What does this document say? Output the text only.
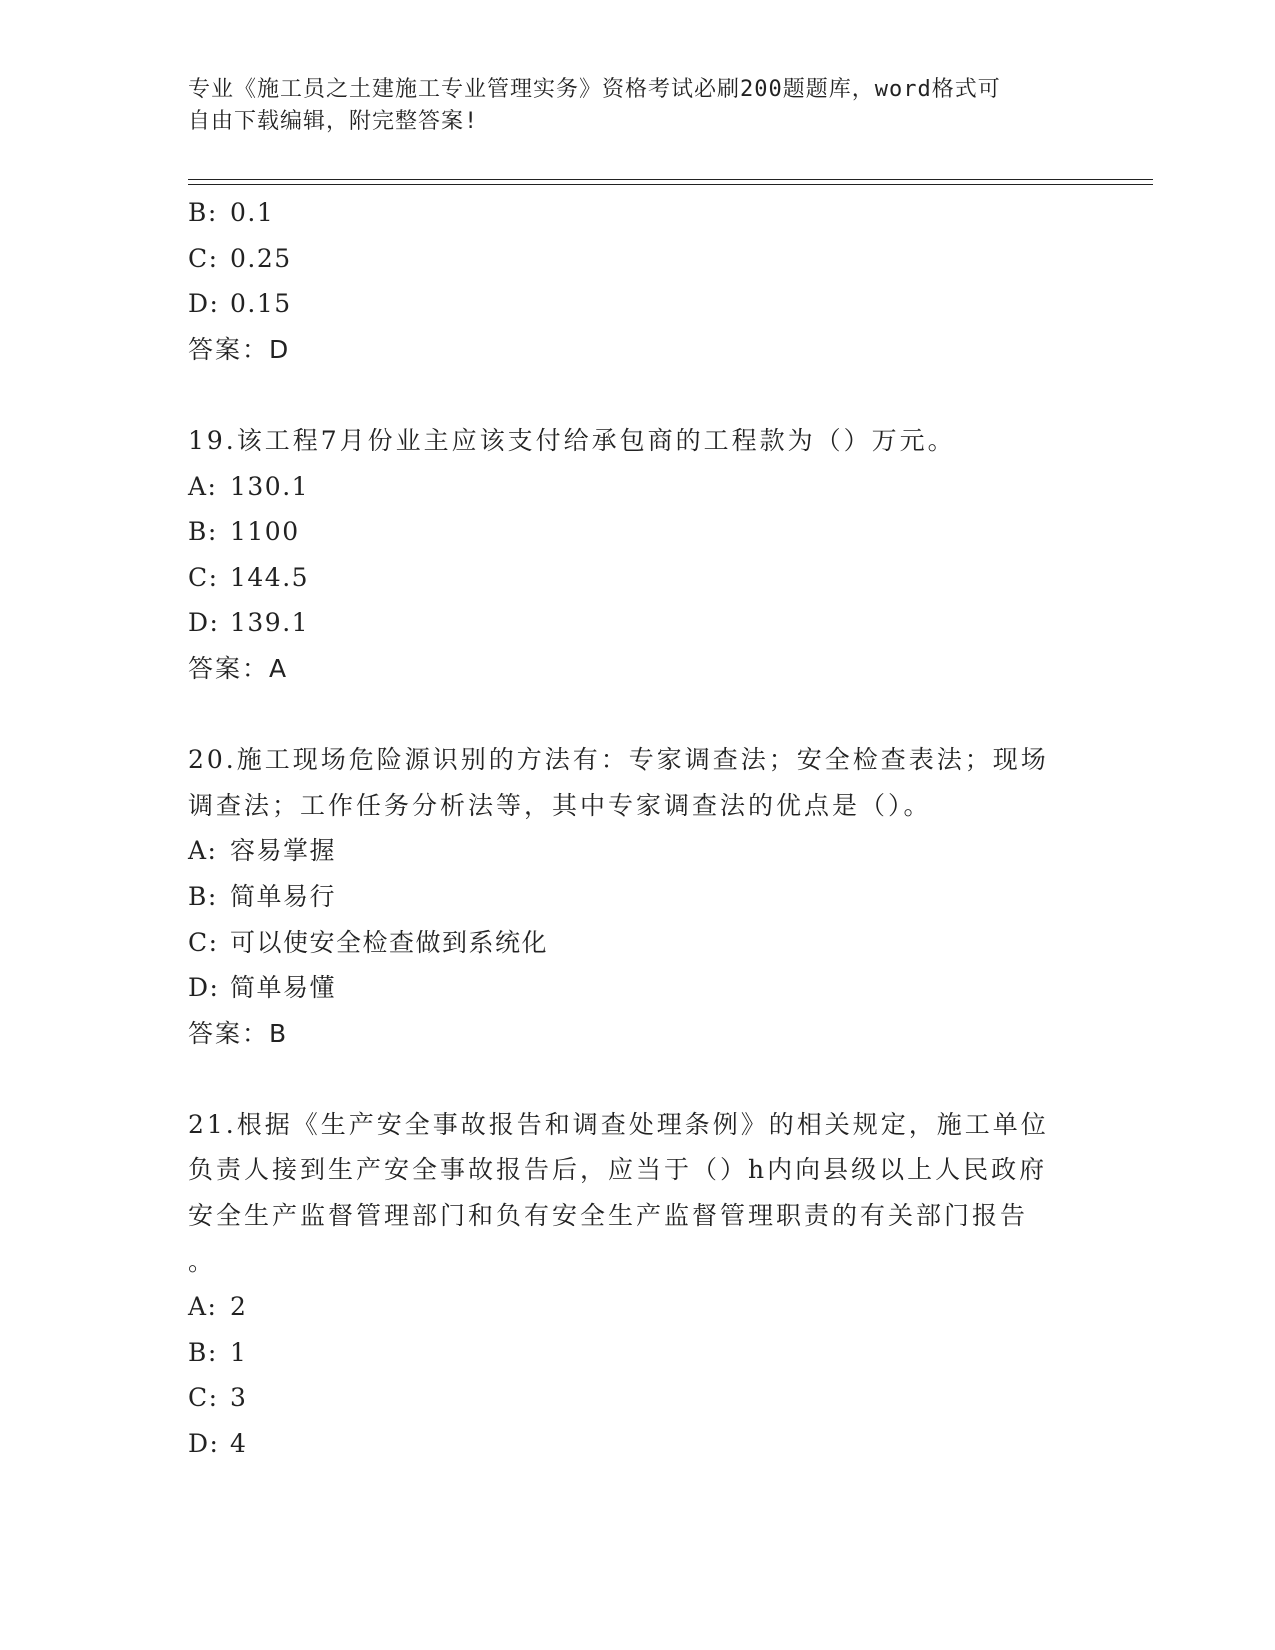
专业《施工员之土建施工专业管理实务》资格考试必刷200题题库，word格式可
自由下载编辑，附完整答案!
B: 0.1
C: 0.25
D: 0.15
答案：D
19.该工程7月份业主应该支付给承包商的工程款为（）万元。
A: 130.1
B: 1100
C: 144.5
D: 139.1
答案：A
20.施工现场危险源识别的方法有：专家调查法；安全检查表法；现场
调查法；工作任务分析法等，其中专家调查法的优点是（）。
A: 容易掌握
B: 简单易行
C: 可以使安全检查做到系统化
D: 简单易懂
答案：B
21.根据《生产安全事故报告和调查处理条例》的相关规定，施工单位
负责人接到生产安全事故报告后，应当于（）h内向县级以上人民政府
安全生产监督管理部门和负有安全生产监督管理职责的有关部门报告
。
A: 2
B: 1
C: 3
D: 4
